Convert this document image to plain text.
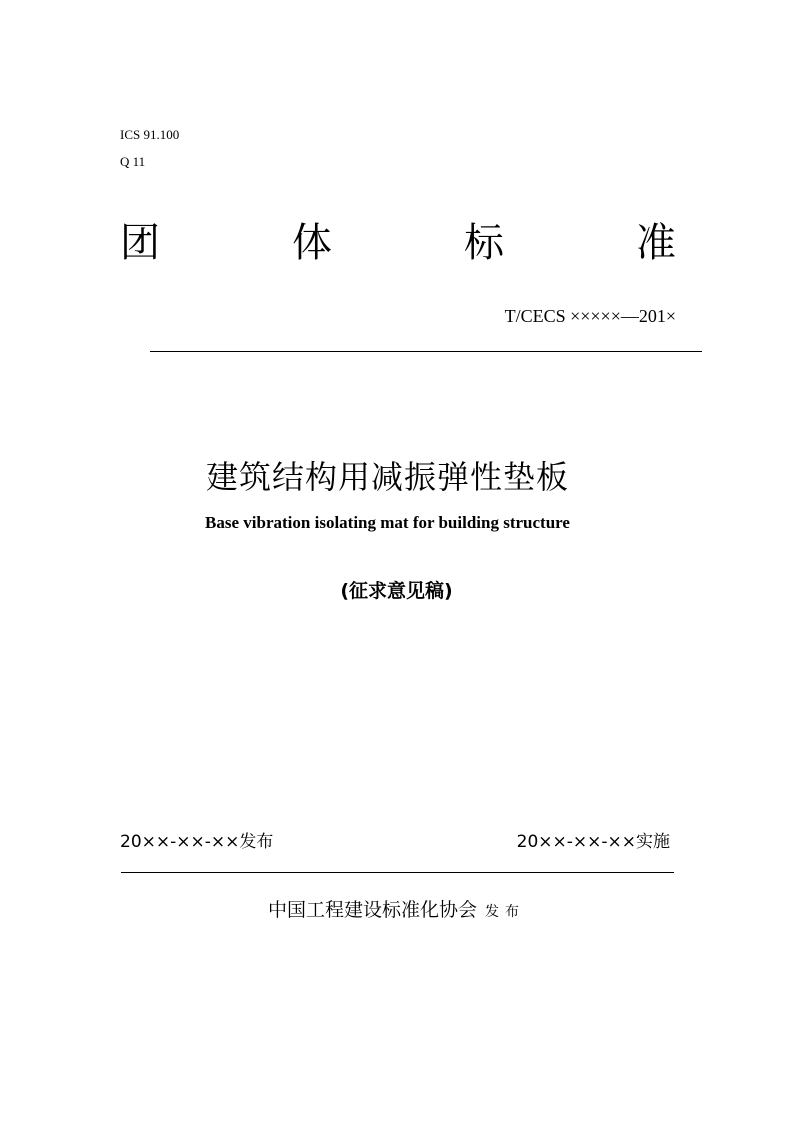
ICS 91.100
Q 11
团	体	标	准
T/CECS ×××××—201×
建筑结构用减振弹性垫板
Base vibration isolating mat for building structure
(征求意见稿)
20××-××-××发布	20××-××-××实施
中国工程建设标准化协会 发布
